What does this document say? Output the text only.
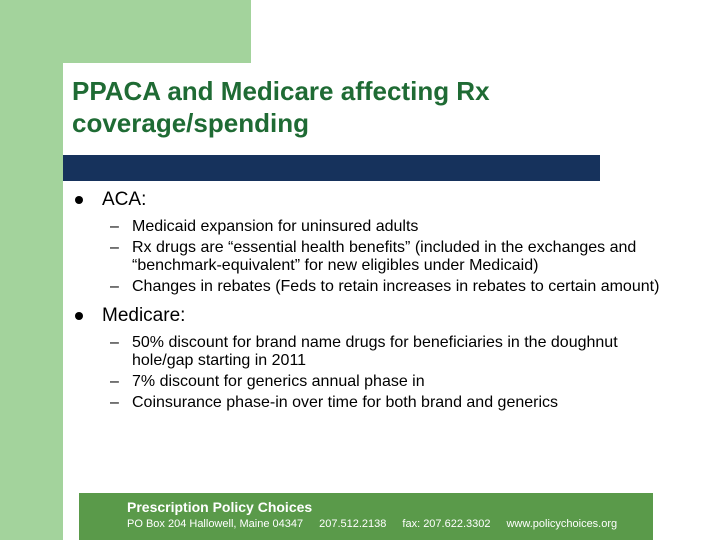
PPACA and Medicare affecting Rx
coverage/spending
ACA:
– Medicaid expansion for uninsured adults
– Rx drugs are “essential health benefits” (included in the exchanges and “benchmark-equivalent” for new eligibles under Medicaid)
– Changes in rebates (Feds to retain increases in rebates to certain amount)
Medicare:
– 50% discount for brand name drugs for beneficiaries in the doughnut hole/gap starting in 2011
– 7% discount for generics annual phase in
– Coinsurance phase-in over time for both brand and generics
Prescription Policy Choices
PO Box 204 Hallowell, Maine 04347 207.512.2138 fax: 207.622.3302 www.policychoices.org
